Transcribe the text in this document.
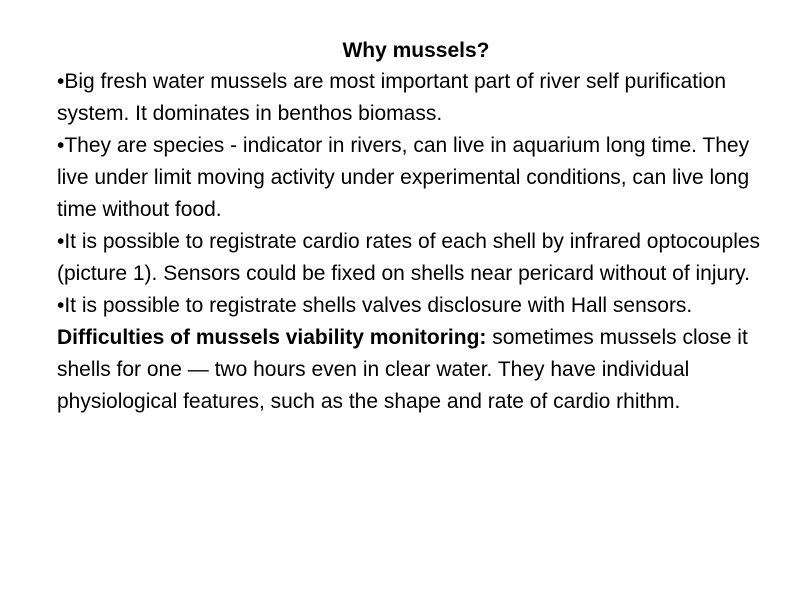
·Why mussels?

•Big fresh water mussels are most important part of river self purification system. It dominates in benthos biomass.

•They are species - indicator in rivers, can live in aquarium long time. They live under limit moving activity under experimental conditions, can live long time without food.

•It is possible to registrate cardio rates of each shell by infrared optocouples (picture 1). Sensors could be fixed on shells near pericard without of injury.

•It is possible to registrate shells valves disclosure with Hall sensors.

Difficulties of mussels viability monitoring: sometimes mussels close it shells for one — two hours even in clear water. They have individual physiological features, such as the shape and rate of cardio rhithm.
